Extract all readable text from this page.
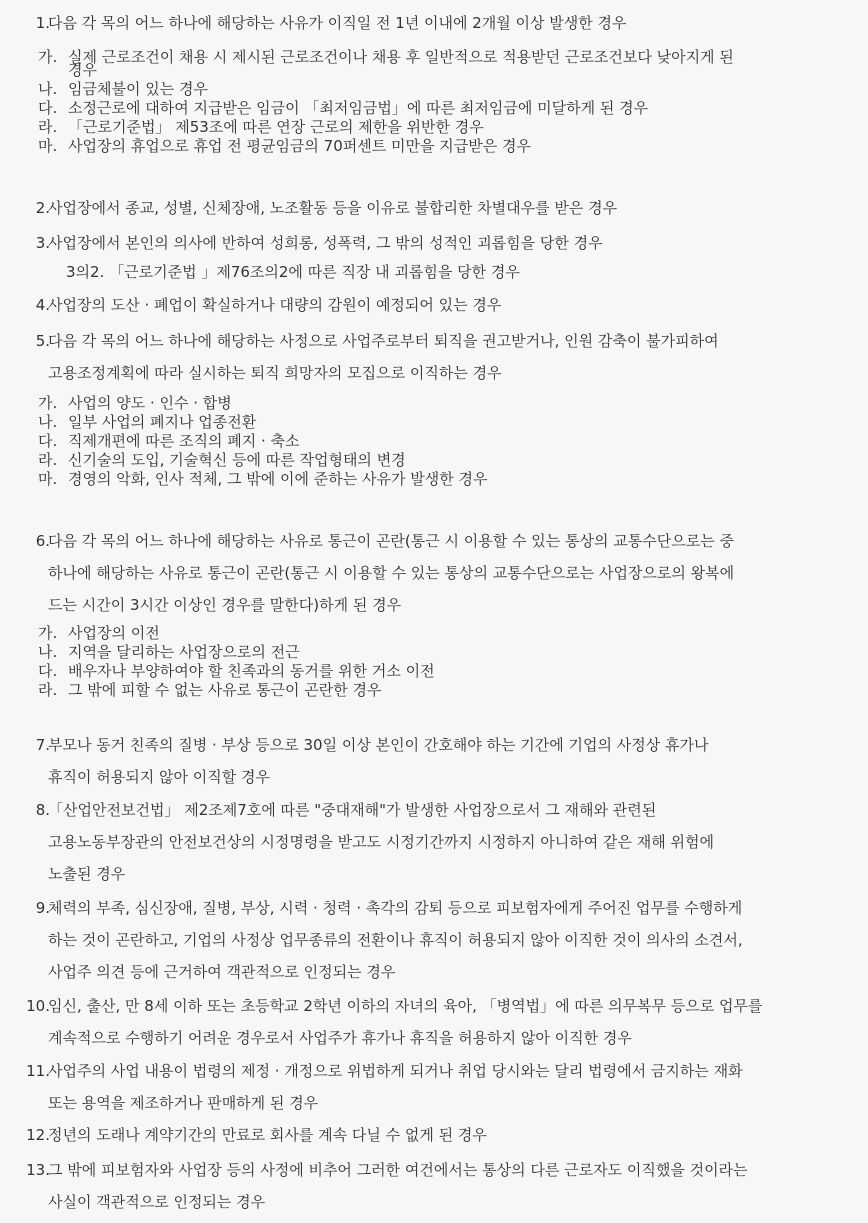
1.
다음 각 목의 어느 하나에 해당하는 사유가 이직일 전 1년 이내에 2개월 이상 발생한 경우
가. 실제 근로조건이 채용 시 제시된 근로조건이나 채용 후 일반적으로 적용받던 근로조건보다 낮아지게 된
경우
나. 임금체불이 있는 경우
다. 소정근로에 대하여 지급받은 임금이 「최저임금법」에 따른 최저임금에 미달하게 된 경우
라. 「근로기준법」 제53조에 따른 연장 근로의 제한을 위반한 경우
마. 사업장의 휴업으로 휴업 전 평균임금의 70퍼센트 미만을 지급받은 경우
2.
사업장에서 종교, 성별, 신체장애, 노조활동 등을 이유로 불합리한 차별대우를 받은 경우
3.
사업장에서 본인의 의사에 반하여 성희롱, 성폭력, 그 밖의 성적인 괴롭힘을 당한 경우
3의2. 「근로기준법 」제76조의2에 따른 직장 내 괴롭힘을 당한 경우
4.
사업장의 도산 · 폐업이 확실하거나 대량의 감원이 예정되어 있는 경우
5.
다음 각 목의 어느 하나에 해당하는 사정으로 사업주로부터 퇴직을 권고받거나, 인원 감축이 불가피하여
고용조정계획에 따라 실시하는 퇴직 희망자의 모집으로 이직하는 경우
가. 사업의 양도 · 인수 · 합병
나. 일부 사업의 폐지나 업종전환
다. 직제개편에 따른 조직의 폐지 · 축소
라. 신기술의 도입, 기술혁신 등에 따른 작업형태의 변경
마. 경영의 악화, 인사 적체, 그 밖에 이에 준하는 사유가 발생한 경우
6.
다음 각 목의 어느 하나에 해당하는 사유로 통근이 곤란(통근 시 이용할 수 있는 통상의 교통수단으로는 중
하나에 해당하는 사유로 통근이 곤란(통근 시 이용할 수 있는 통상의 교통수단으로는 사업장으로의 왕복에
드는 시간이 3시간 이상인 경우를 말한다)하게 된 경우
가. 사업장의 이전
나. 지역을 달리하는 사업장으로의 전근
다. 배우자나 부양하여야 할 친족과의 동거를 위한 거소 이전
라. 그 밖에 피할 수 없는 사유로 통근이 곤란한 경우
7.
부모나 동거 친족의 질병 · 부상 등으로 30일 이상 본인이 간호해야 하는 기간에 기업의 사정상 휴가나
휴직이 허용되지 않아 이직할 경우
8.
「산업안전보건법」 제2조제7호에 따른 "중대재해"가 발생한 사업장으로서 그 재해와 관련된
고용노동부장관의 안전보건상의 시정명령을 받고도 시정기간까지 시정하지 아니하여 같은 재해 위험에
노출된 경우
9.
체력의 부족, 심신장애, 질병, 부상, 시력 · 청력 · 촉각의 감퇴 등으로 피보험자에게 주어진 업무를 수행하게
하는 것이 곤란하고, 기업의 사정상 업무종류의 전환이나 휴직이 허용되지 않아 이직한 것이 의사의 소견서,
사업주 의견 등에 근거하여 객관적으로 인정되는 경우
10.
임신, 출산, 만 8세 이하 또는 초등학교 2학년 이하의 자녀의 육아, 「병역법」에 따른 의무복무 등으로 업무를
계속적으로 수행하기 어려운 경우로서 사업주가 휴가나 휴직을 허용하지 않아 이직한 경우
11.
사업주의 사업 내용이 법령의 제정 · 개정으로 위법하게 되거나 취업 당시와는 달리 법령에서 금지하는 재화
또는 용역을 제조하거나 판매하게 된 경우
12.
정년의 도래나 계약기간의 만료로 회사를 계속 다닐 수 없게 된 경우
13.
그 밖에 피보험자와 사업장 등의 사정에 비추어 그러한 여건에서는 통상의 다른 근로자도 이직했을 것이라는
사실이 객관적으로 인정되는 경우
